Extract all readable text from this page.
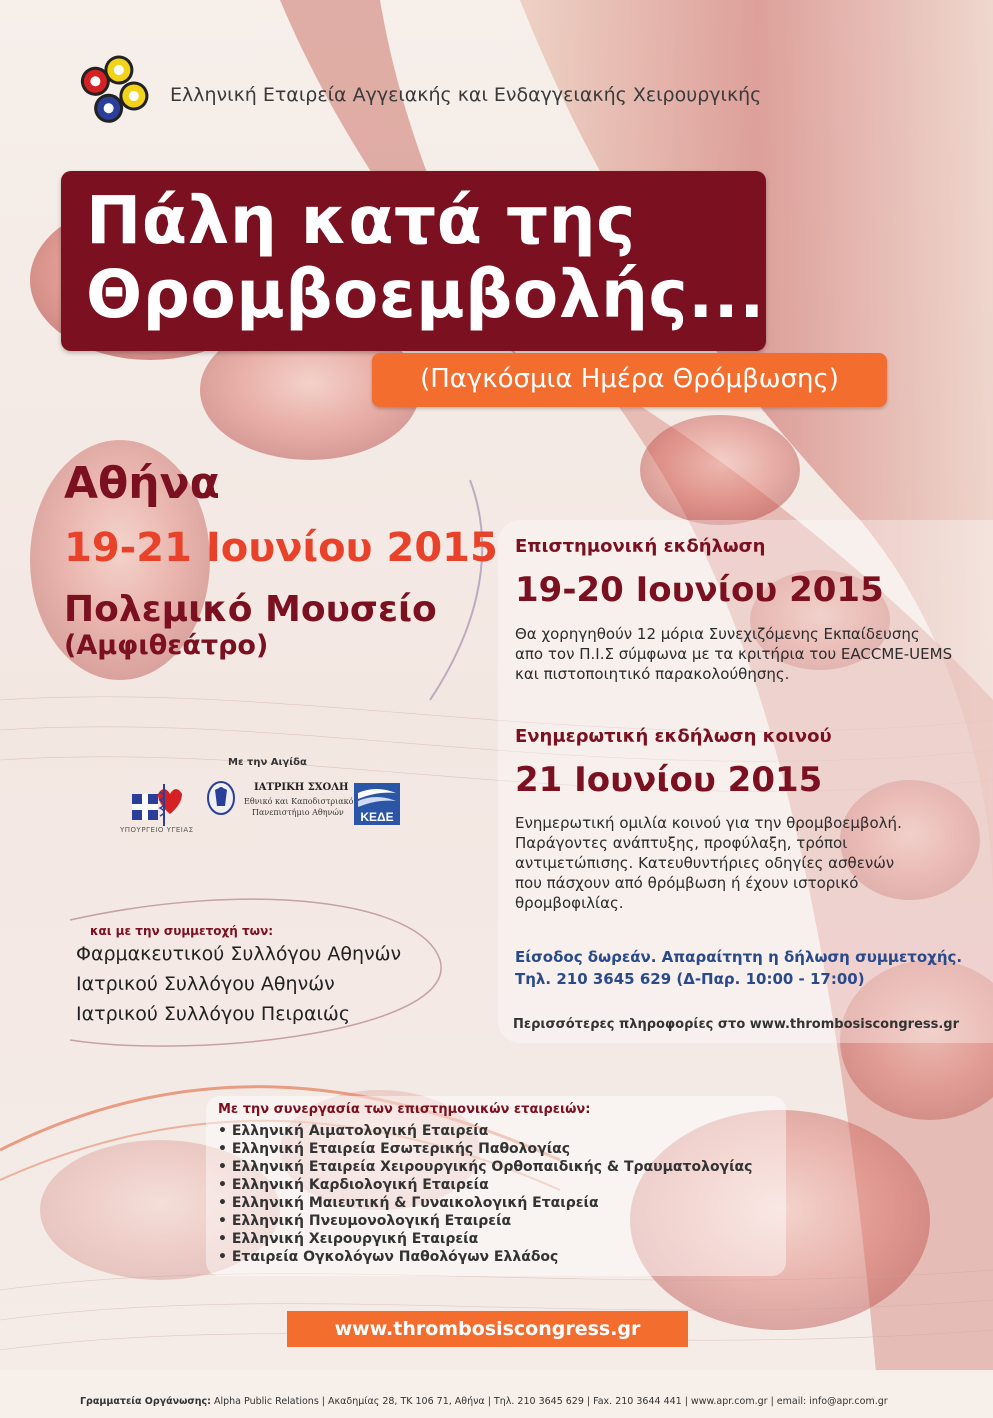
Ελληνική Εταιρεία Αγγειακής και Ενδαγγειακής Χειρουργικής
Πάλη κατά της
Θρομβοεμβολής...
(Παγκόσμια Ημέρα Θρόμβωσης)
Αθήνα
19-21 Ιουνίου 2015
Πολεμικό Μουσείο
(Αμφιθεάτρο)
Επιστημονική εκδήλωση
19-20 Ιουνίου 2015
Θα χορηγηθούν 12 μόρια Συνεχιζόμενης Εκπαίδευσης
απο τον Π.Ι.Σ σύμφωνα με τα κριτήρια του EACCME-UEMS
και πιστοποιητικό παρακολούθησης.
Ενημερωτική εκδήλωση κοινού
21 Ιουνίου 2015
Ενημερωτική ομιλία κοινού για την θρομβοεμβολή.
Παράγοντες ανάπτυξης, προφύλαξη, τρόποι
αντιμετώπισης. Κατευθυντήριες οδηγίες ασθενών
που πάσχουν από θρόμβωση ή έχουν ιστορικό
θρομβοφιλίας.
Είσοδος δωρεάν. Απαραίτητη η δήλωση συμμετοχής.
Τηλ. 210 3645 629 (Δ-Παρ. 10:00 - 17:00)
Περισσότερες πληροφορίες στο www.thrombosiscongress.gr
Με την Αιγίδα
ΥΠΟΥΡΓΕΙΟ ΥΓΕΙΑΣ
ΙΑΤΡΙΚΗ ΣΧΟΛΗ
Εθνικό και Καποδιστριακό
Πανεπιστήμιο Αθηνών ΚΕΔΕ
και με την συμμετοχή των:
Φαρμακευτικού Συλλόγου Αθηνών
Ιατρικού Συλλόγου Αθηνών
Ιατρικού Συλλόγου Πειραιώς
Με την συνεργασία των επιστημονικών εταιρειών:
• Ελληνική Αιματολογική Εταιρεία
• Ελληνική Εταιρεία Εσωτερικής Παθολογίας
• Ελληνική Εταιρεία Χειρουργικής Ορθοπαιδικής & Τραυματολογίας
• Ελληνική Καρδιολογική Εταιρεία
• Ελληνική Μαιευτική & Γυναικολογική Εταιρεία
• Ελληνική Πνευμονολογική Εταιρεία
• Ελληνική Χειρουργική Εταιρεία
• Εταιρεία Ογκολόγων Παθολόγων Ελλάδος
www.thrombosiscongress.gr
Γραμματεία Οργάνωσης: Alpha Public Relations | Ακαδημίας 28, ΤΚ 106 71, Αθήνα | Τηλ. 210 3645 629 | Fax. 210 3644 441 | www.apr.com.gr | email: info@apr.com.gr
